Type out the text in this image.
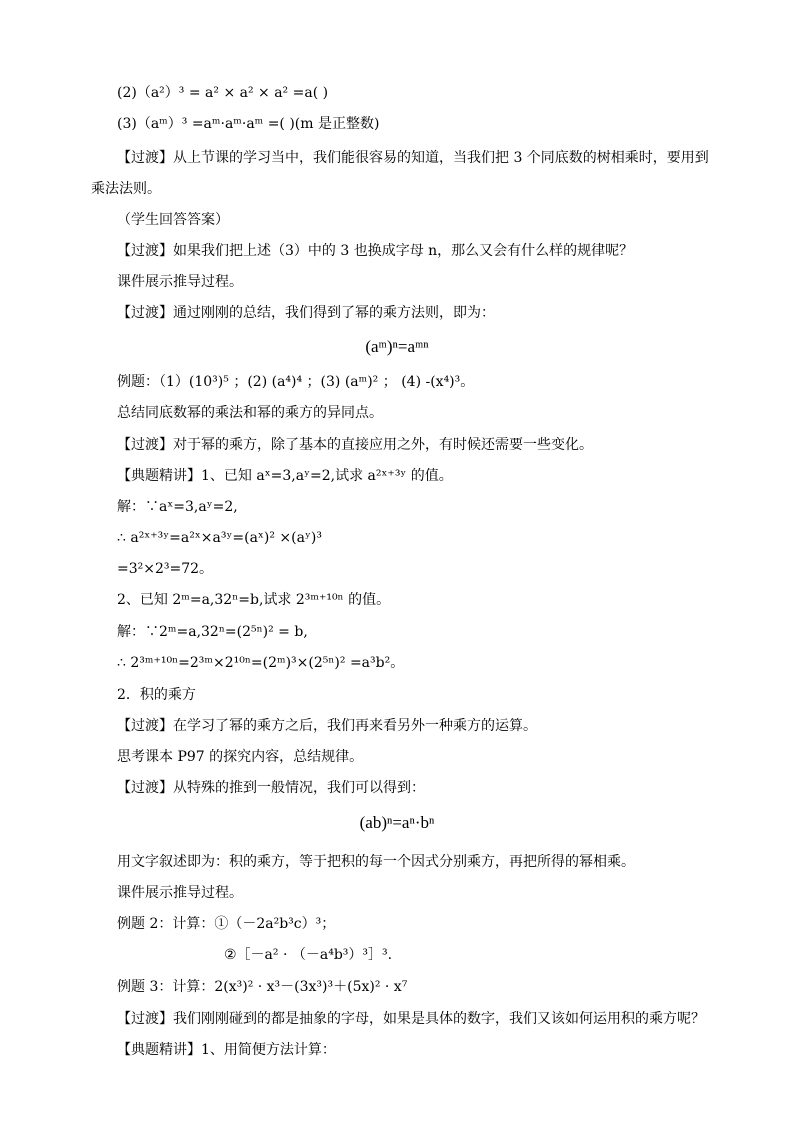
(2)（a²）³ = a² × a² × a² =a( )
(3)（aᵐ）³ =aᵐ·aᵐ·aᵐ =( )(m 是正整数)
【过渡】从上节课的学习当中，我们能很容易的知道，当我们把 3 个同底数的树相乘时，要用到
乘法法则。
（学生回答答案）
【过渡】如果我们把上述（3）中的 3 也换成字母 n，那么又会有什么样的规律呢？
课件展示推导过程。
【过渡】通过刚刚的总结，我们得到了幂的乘方法则，即为：
(aᵐ)ⁿ=aᵐⁿ
例题：（1）(10³)⁵ ；(2) (a⁴)⁴ ；(3) (aᵐ)² ； (4) -(x⁴)³。
总结同底数幂的乘法和幂的乘方的异同点。
【过渡】对于幂的乘方，除了基本的直接应用之外，有时候还需要一些变化。
【典题精讲】1、已知 aˣ=3,aʸ=2,试求 a²ˣ⁺³ʸ 的值。
解：∵aˣ=3,aʸ=2,
∴ a²ˣ⁺³ʸ=a²ˣ×a³ʸ=(aˣ)² ×(aʸ)³
=3²×2³=72。
2、已知 2ᵐ=a,32ⁿ=b,试求 2³ᵐ⁺¹⁰ⁿ 的值。
解：∵2ᵐ=a,32ⁿ=(2⁵ⁿ)² = b,
∴ 2³ᵐ⁺¹⁰ⁿ=2³ᵐ×2¹⁰ⁿ=(2ᵐ)³×(2⁵ⁿ)² =a³b²。
2．积的乘方
【过渡】在学习了幂的乘方之后，我们再来看另外一种乘方的运算。
思考课本 P97 的探究内容，总结规律。
【过渡】从特殊的推到一般情况，我们可以得到：
(ab)ⁿ=aⁿ·bⁿ
用文字叙述即为：积的乘方，等于把积的每一个因式分别乘方，再把所得的幂相乘。
课件展示推导过程。
例题 2：计算：①（－2a²b³c）³；
②［－a² · （－a⁴b³）³］³.
例题 3：计算：2(x³)² · x³－(3x³)³＋(5x)² · x⁷
【过渡】我们刚刚碰到的都是抽象的字母，如果是具体的数字，我们又该如何运用积的乘方呢？
【典题精讲】1、用简便方法计算：
